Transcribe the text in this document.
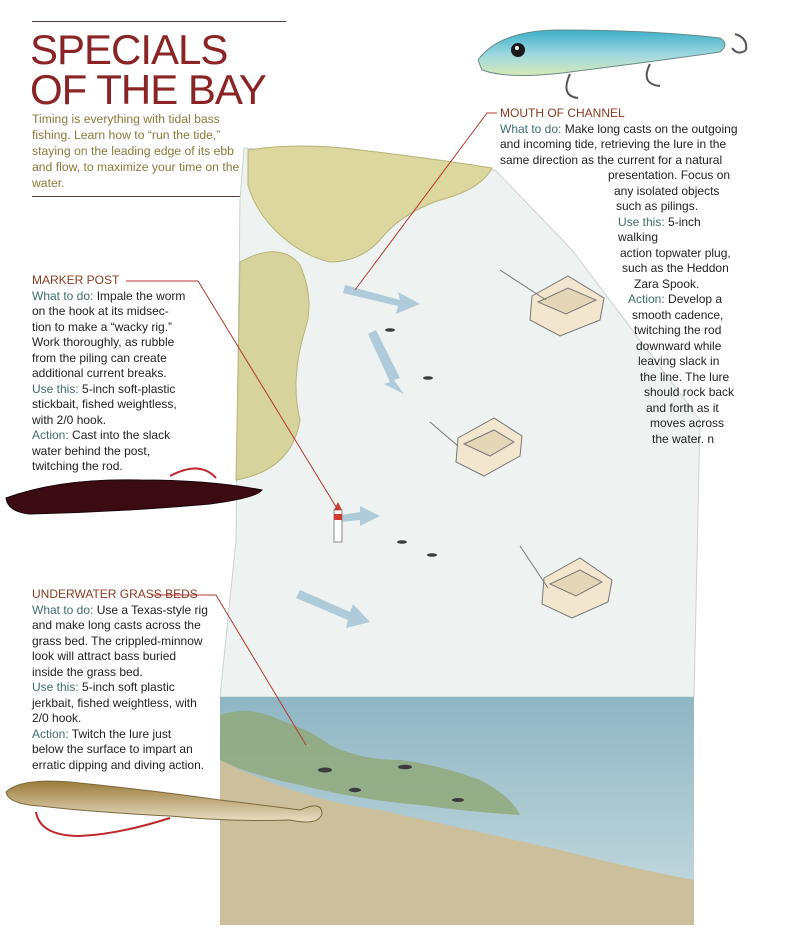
SPECIALS
OF THE BAY

Timing is everything with tidal bass fishing. Learn how to “run the tide,” staying on the leading edge of its ebb and flow, to maximize your time on the water.

MOUTH OF CHANNEL

What to do: Make long casts on the outgoing

and incoming tide, retrieving the lure in the

same direction as the current for a natural

presentation. Focus on

any isolated objects

such as pilings.

Use this: 5-inch walking

action topwater plug,

such as the Heddon

Zara Spook.

Action: Develop a

smooth cadence,

twitching the rod

downward while

leaving slack in

the line. The lure

should rock back

and forth as it

moves across

the water. n

MARKER POST

What to do: Impale the worm

on the hook at its midsec-

tion to make a “wacky rig.”

Work thoroughly, as rubble

from the piling can create

additional current breaks.

Use this: 5-inch soft-plastic

stickbait, fished weightless,

with 2/0 hook.

Action: Cast into the slack

water behind the post,

twitching the rod.

UNDERWATER GRASS BEDS

What to do: Use a Texas-style rig

and make long casts across the

grass bed. The crippled-minnow

look will attract bass buried

inside the grass bed.

Use this: 5-inch soft plastic

jerkbait, fished weightless, with

2/0 hook.

Action: Twitch the lure just

below the surface to impart an

erratic dipping and diving action.
